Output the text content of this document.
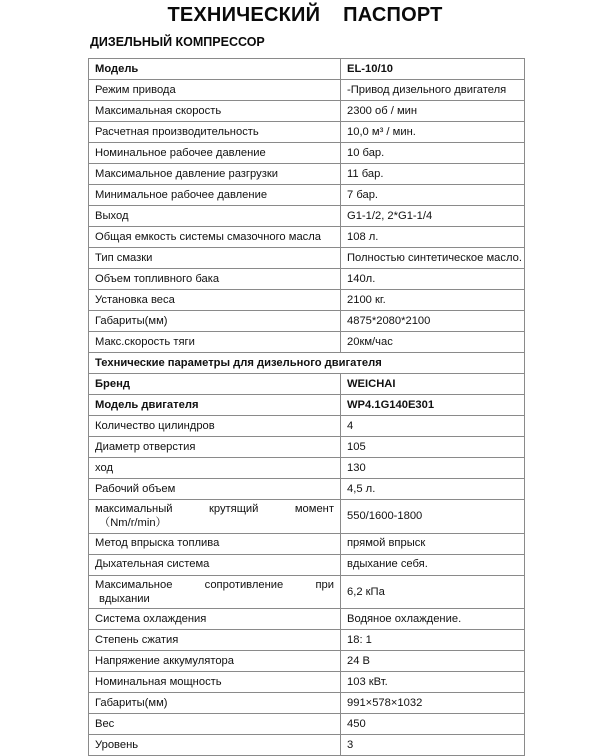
ТЕХНИЧЕСКИЙ    ПАСПОРТ
ДИЗЕЛЬНЫЙ КОМПРЕССОР
Модель	EL-10/10
Режим привода	-Привод дизельного двигателя
Максимальная скорость	2300 об / мин
Расчетная производительность	10,0 м³ / мин.
Номинальное рабочее давление	10 бар.
Максимальное давление разгрузки	11 бар.
Минимальное рабочее давление	7 бар.
Выход	G1-1/2, 2*G1-1/4
Общая емкость системы смазочного масла	108 л.
Тип смазки	Полностью синтетическое масло.
Объем топливного бака	140л.
Установка веса	2100 кг.
Габариты(мм)	4875*2080*2100
Макс.скорость тяги	20км/час
Технические параметры для дизельного двигателя	
Бренд	WEICHAI
Модель двигателя	WP4.1G140E301
Количество цилиндров	4
Диаметр отверстия	105
ход	130
Рабочий объем	4,5 л.

максимальный крутящий момент
（Nm/r/min）	550/1600-1800
Метод впрыска топлива	прямой впрыск
Дыхательная система	вдыхание себя.

Максимальное сопротивление при
вдыхании	6,2 кПа
Система охлаждения	Водяное охлаждение.
Степень сжатия	18: 1
Напряжение аккумулятора	24 В
Номинальная мощность	103 кВт.
Габариты(мм)	991×578×1032
Вес	450
Уровень	3
